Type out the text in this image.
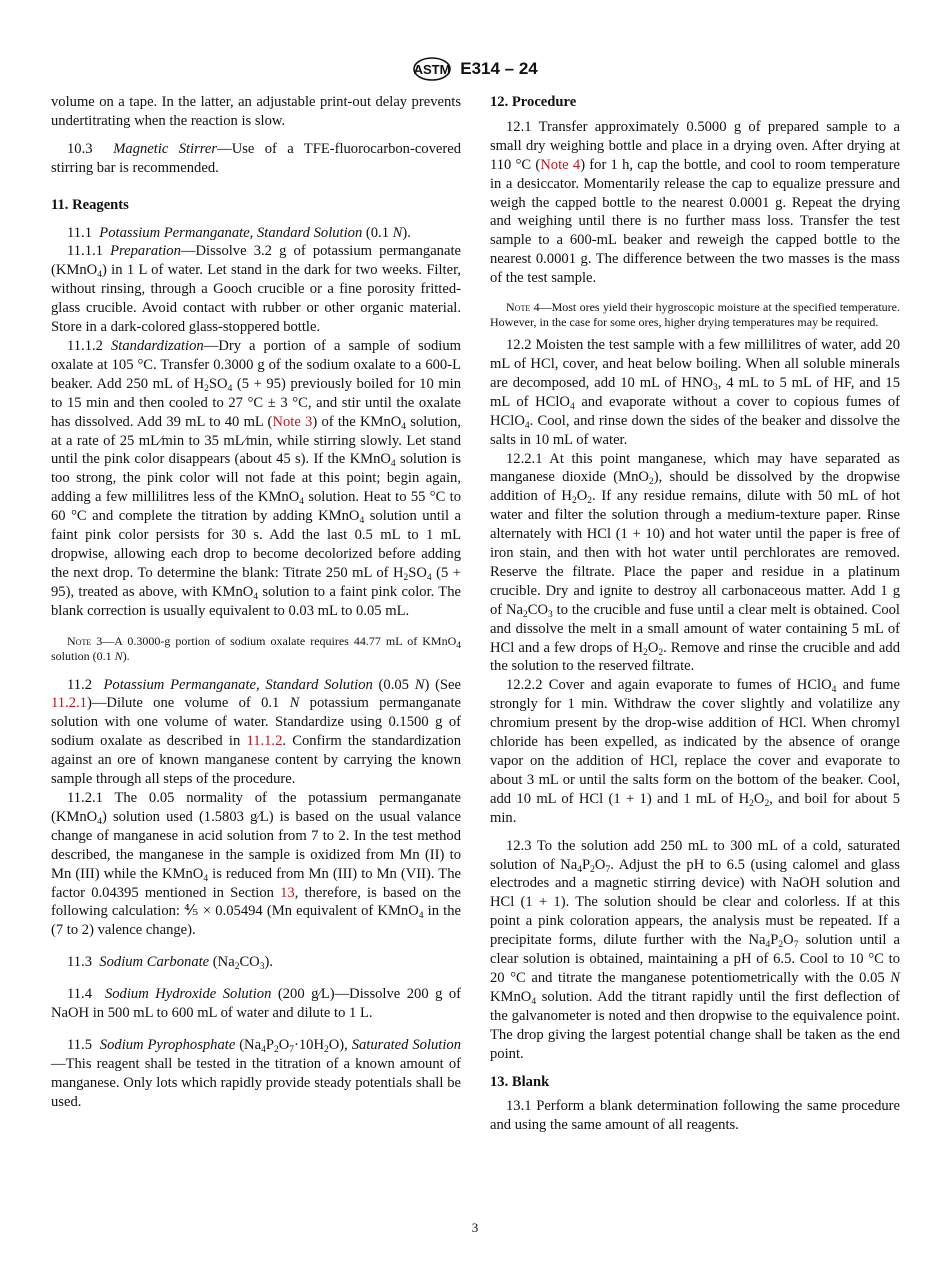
ASTM E314 – 24

volume on a tape. In the latter, an adjustable print-out delay prevents undertitrating when the reaction is slow.

10.3 Magnetic Stirrer—Use of a TFE-fluorocarbon-covered stirring bar is recommended.

11. Reagents

11.1 Potassium Permanganate, Standard Solution (0.1 N).

11.1.1 Preparation—Dissolve 3.2 g of potassium permanganate (KMnO$_4$) in 1 L of water. Let stand in the dark for two weeks. Filter, without rinsing, through a Gooch crucible or a fine porosity fritted-glass crucible. Avoid contact with rubber or other organic material. Store in a dark-colored glass-stoppered bottle.

11.1.2 Standardization—Dry a portion of a sample of sodium oxalate at 105 °C. Transfer 0.3000 g of the sodium oxalate to a 600-L beaker. Add 250 mL of $H_2SO_4$ (5 + 95) previously boiled for 10 min to 15 min and then cooled to 27 °C ± 3 °C, and stir until the oxalate has dissolved. Add 39 mL to 40 mL (Note 3) of the KMnO$_4$ solution, at a rate of 25 mL⁄min to 35 mL⁄min, while stirring slowly. Let stand until the pink color disappears (about 45 s). If the KMnO$_4$ solution is too strong, the pink color will not fade at this point; begin again, adding a few millilitres less of the KMnO$_4$ solution. Heat to 55 °C to 60 °C and complete the titration by adding KMnO$_4$ solution until a faint pink color persists for 30 s. Add the last 0.5 mL to 1 mL dropwise, allowing each drop to become decolorized before adding the next drop. To determine the blank: Titrate 250 mL of $H_2SO_4$ (5 + 95), treated as above, with KMnO$_4$ solution to a faint pink color. The blank correction is usually equivalent to 0.03 mL to 0.05 mL.

Note 3—A 0.3000-g portion of sodium oxalate requires 44.77 mL of KMnO$_4$ solution (0.1 N).

11.2 Potassium Permanganate, Standard Solution (0.05 N) (See 11.2.1)—Dilute one volume of 0.1 N potassium permanganate solution with one volume of water. Standardize using 0.1500 g of sodium oxalate as described in 11.1.2. Confirm the standardization against an ore of known manganese content by carrying the known sample through all steps of the procedure.

11.2.1 The 0.05 normality of the potassium permanganate (KMnO$_4$) solution used (1.5803 g⁄L) is based on the usual valance change of manganese in acid solution from 7 to 2. In the test method described, the manganese in the sample is oxidized from Mn (II) to Mn (III) while the KMnO$_4$ is reduced from Mn (III) to Mn (VII). The factor 0.04395 mentioned in Section 13, therefore, is based on the following calculation: ⅘ × 0.05494 (Mn equivalent of KMnO$_4$ in the (7 to 2) valence change).

11.3 Sodium Carbonate $(Na_2CO_3)$.

11.4 Sodium Hydroxide Solution (200 g⁄L)—Dissolve 200 g of NaOH in 500 mL to 600 mL of water and dilute to 1 L.

11.5 Sodium Pyrophosphate $(Na_4P_2O_7\cdot 10H_2O)$, Saturated Solution—This reagent shall be tested in the titration of a known amount of manganese. Only lots which rapidly provide steady potentials shall be used.

12. Procedure

12.1 Transfer approximately 0.5000 g of prepared sample to a small dry weighing bottle and place in a drying oven. After drying at 110 °C (Note 4) for 1 h, cap the bottle, and cool to room temperature in a desiccator. Momentarily release the cap to equalize pressure and weigh the capped bottle to the nearest 0.0001 g. Repeat the drying and weighing until there is no further mass loss. Transfer the test sample to a 600-mL beaker and reweigh the capped bottle to the nearest 0.0001 g. The difference between the two masses is the mass of the test sample.

Note 4—Most ores yield their hygroscopic moisture at the specified temperature. However, in the case for some ores, higher drying temperatures may be required.

12.2 Moisten the test sample with a few millilitres of water, add 20 mL of HCl, cover, and heat below boiling. When all soluble minerals are decomposed, add 10 mL of $HNO_3$, 4 mL to 5 mL of HF, and 15 mL of HClO$_4$ and evaporate without a cover to copious fumes of HClO$_4$. Cool, and rinse down the sides of the beaker and dissolve the salts in 10 mL of water.

12.2.1 At this point manganese, which may have separated as manganese dioxide (MnO$_2$), should be dissolved by the dropwise addition of $H_2O_2$. If any residue remains, dilute with 50 mL of hot water and filter the solution through a medium-texture paper. Rinse alternately with HCl (1 + 10) and hot water until the paper is free of iron stain, and then with hot water until perchlorates are removed. Reserve the filtrate. Place the paper and residue in a platinum crucible. Dry and ignite to destroy all carbonaceous matter. Add 1 g of $Na_2CO_3$ to the crucible and fuse until a clear melt is obtained. Cool and dissolve the melt in a small amount of water containing 5 mL of HCl and a few drops of $H_2O_2$. Remove and rinse the crucible and add the solution to the reserved filtrate.

12.2.2 Cover and again evaporate to fumes of HClO$_4$ and fume strongly for 1 min. Withdraw the cover slightly and volatilize any chromium present by the drop-wise addition of HCl. When chromyl chloride has been expelled, as indicated by the absence of orange vapor on the addition of HCl, replace the cover and evaporate to about 3 mL or until the salts form on the bottom of the beaker. Cool, add 10 mL of HCl (1 + 1) and 1 mL of $H_2O_2$, and boil for about 5 min.

12.3 To the solution add 250 mL to 300 mL of a cold, saturated solution of $Na_4P_2O_7$. Adjust the pH to 6.5 (using calomel and glass electrodes and a magnetic stirring device) with NaOH solution and HCl (1 + 1). The solution should be clear and colorless. If at this point a pink coloration appears, the analysis must be repeated. If a precipitate forms, dilute further with the $Na_4P_2O_7$ solution until a clear solution is obtained, maintaining a pH of 6.5. Cool to 10 °C to 20 °C and titrate the manganese potentiometrically with the 0.05 N KMnO$_4$ solution. Add the titrant rapidly until the first deflection of the galvanometer is noted and then dropwise to the equivalence point. The drop giving the largest potential change shall be taken as the end point.

13. Blank

13.1 Perform a blank determination following the same procedure and using the same amount of all reagents.

3
